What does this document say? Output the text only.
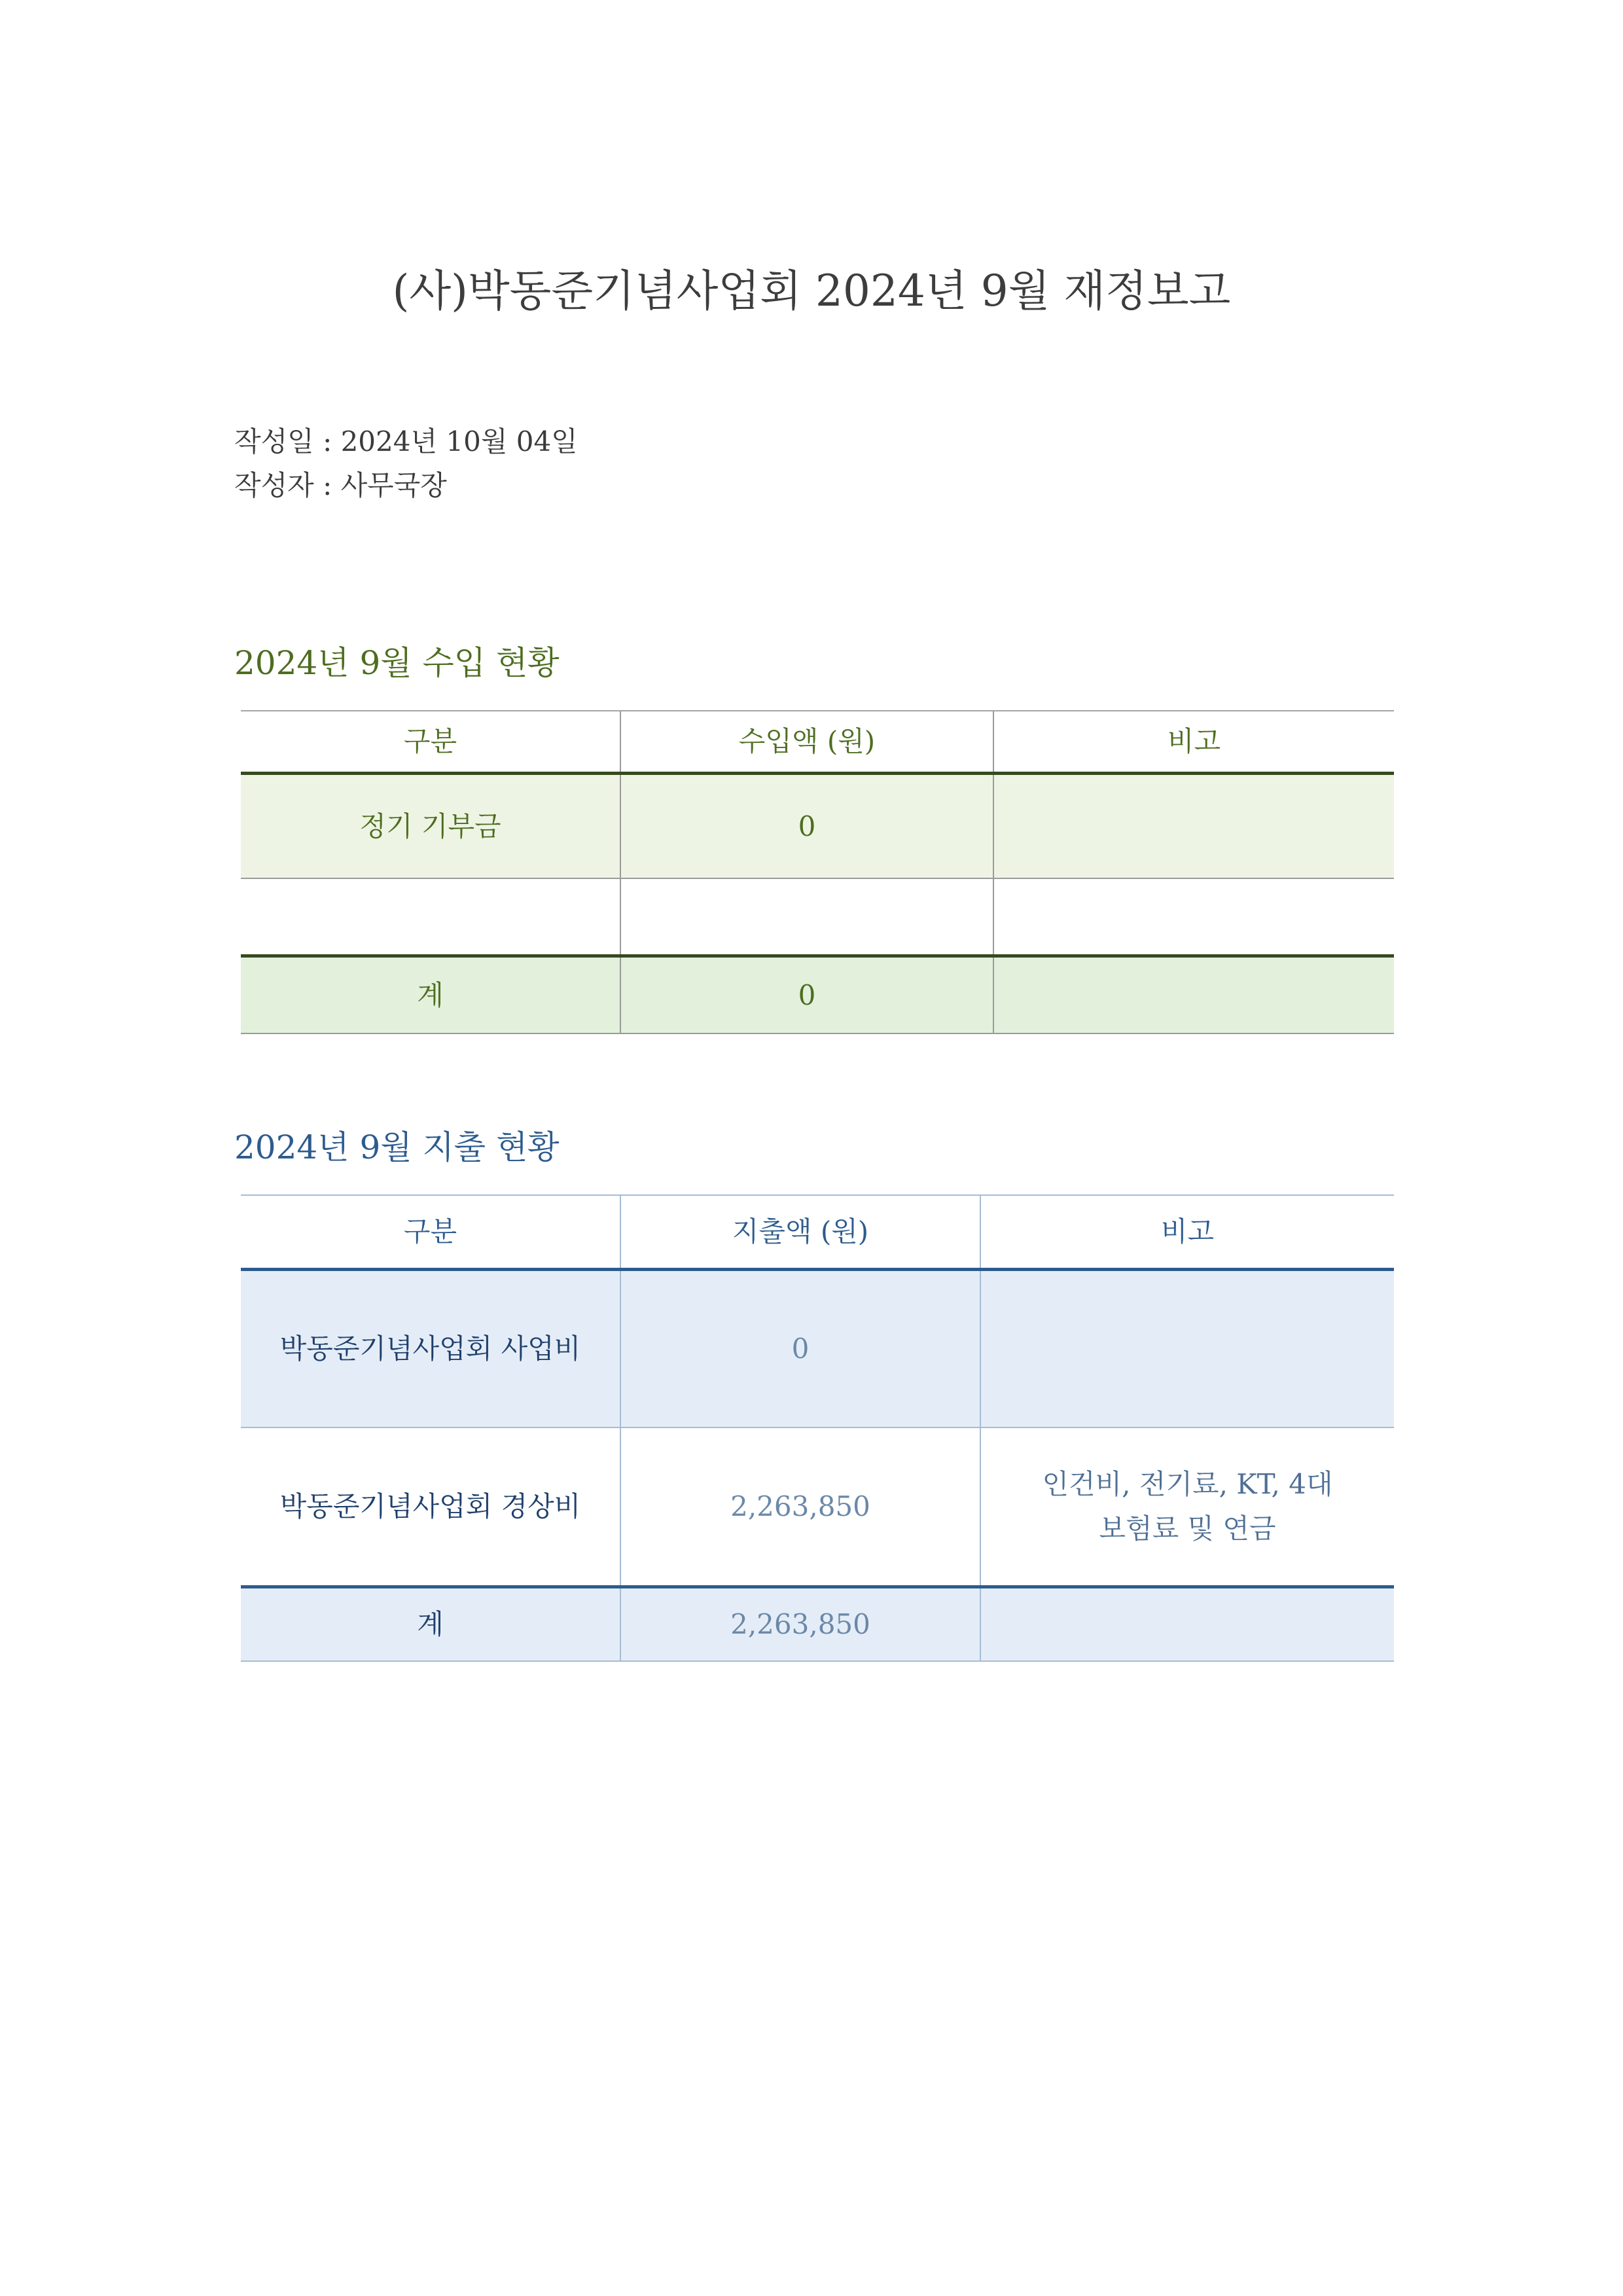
(사)박동준기념사업회 2024년 9월 재정보고
작성일 : 2024년 10월 04일
작성자 : 사무국장
2024년 9월 수입 현황
구분	수입액 (원)	비고
정기 기부금	0	

계	0	
2024년 9월 지출 현황
구분	지출액 (원)	비고
박동준기념사업회 사업비	0	

박동준기념사업회 경상비	2,263,850	인건비, 전기료, KT, 4대
보험료 및 연금

계	2,263,850	
